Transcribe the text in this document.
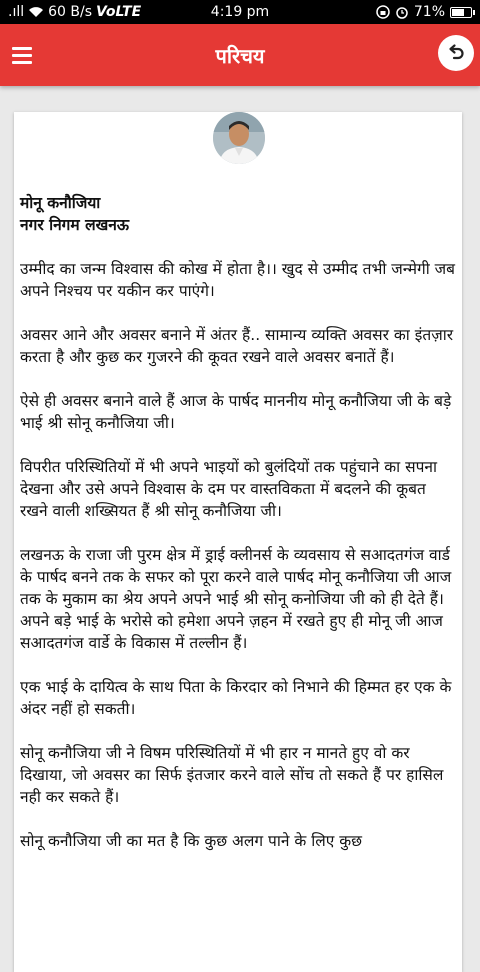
.ıll 60 B/s VoLTE	4:19 pm	71%
परिचय

मोनू कनौजिया

नगर निगम लखनऊ

उम्मीद का जन्म विश्वास की कोख में होता है।। खुद से उम्मीद तभी जन्मेगी जब अपने निश्चय पर यकीन कर पाएंगे।

अवसर आने और अवसर बनाने में अंतर हैं.. सामान्य व्यक्ति अवसर का इंतज़ार करता है और कुछ कर गुजरने की कूवत रखने वाले अवसर बनातें हैं।

ऐसे ही अवसर बनाने वाले हैं आज के पार्षद माननीय मोनू कनौजिया जी के बड़े भाई श्री सोनू कनौजिया जी।

विपरीत परिस्थितियों में भी अपने भाइयों को बुलंदियों तक पहुंचाने का सपना देखना और उसे अपने विश्वास के दम पर वास्तविकता में बदलने की कूबत रखने वाली शख्सियत हैं श्री सोनू कनौजिया जी।

लखनऊ के राजा जी पुरम क्षेत्र में ड्राई क्लीनर्स के व्यवसाय से सआदतगंज वार्ड के पार्षद बनने तक के सफर को पूरा करने वाले पार्षद मोनू कनौजिया जी आज तक के मुकाम का श्रेय अपने अपने भाई श्री सोनू कनोजिया जी को ही देते हैं। अपने बड़े भाई के भरोसे को हमेशा अपने ज़हन में रखते हुए ही मोनू जी आज सआदतगंज वार्डे के विकास में तल्लीन हैं।

एक भाई के दायित्व के साथ पिता के किरदार को निभाने की हिम्मत हर एक के अंदर नहीं हो सकती।

सोनू कनौजिया जी ने विषम परिस्थितियों में भी हार न मानते हुए वो कर दिखाया, जो अवसर का सिर्फ इंतजार करने वाले सोंच तो सकते हैं पर हासिल नही कर सकते हैं।

सोनू कनौजिया जी का मत है कि कुछ अलग पाने के लिए कुछ
